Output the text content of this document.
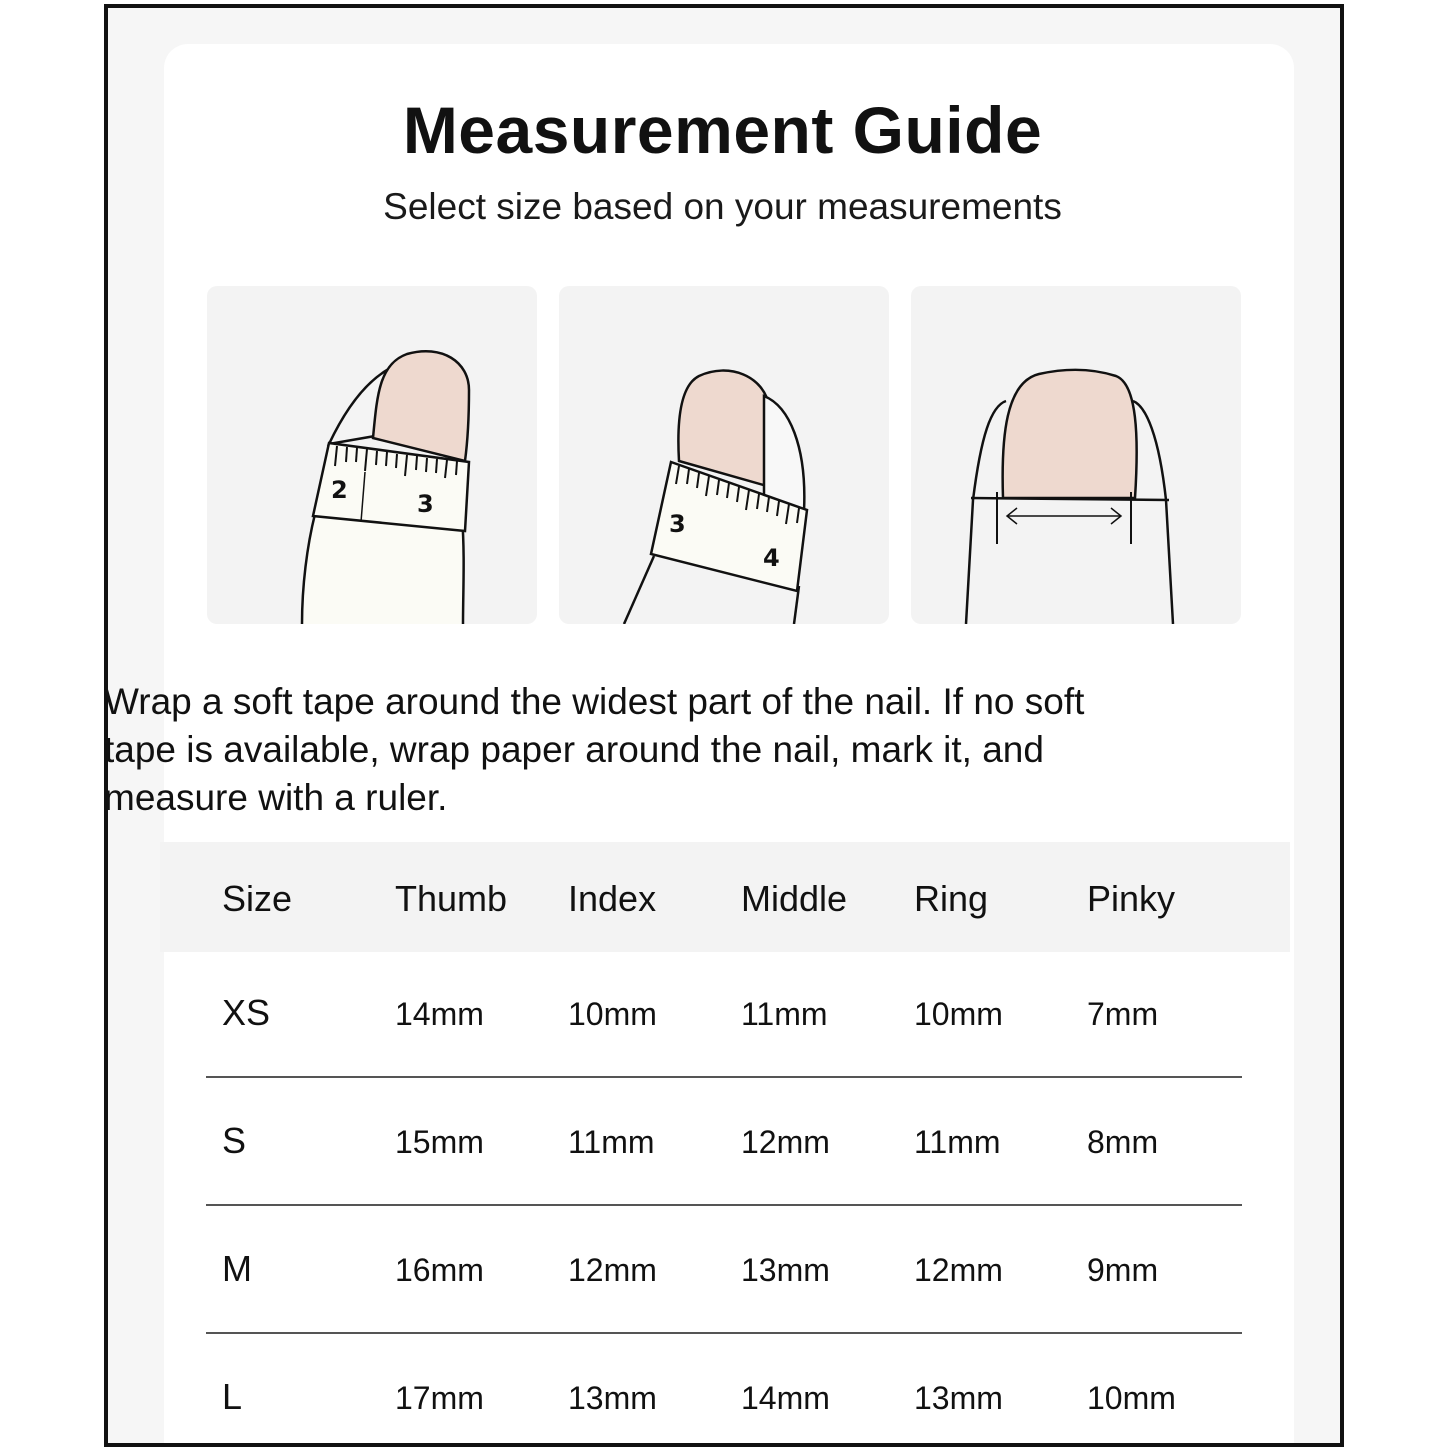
Measurement Guide

Select size based on your measurements

2	3
3
4

Wrap a soft tape around the widest part of the nail. If no soft tape is available, wrap paper around the nail, mark it, and measure with a ruler.

Size	Thumb Index Middle Ring	Pinky
XS	14mm	10mm	11mm	10mm	7mm
S	15mm	11mm	12mm	11mm	8mm
M	16mm	12mm	13mm	12mm	9mm
L	17mm	13mm	14mm	13mm	10mm
